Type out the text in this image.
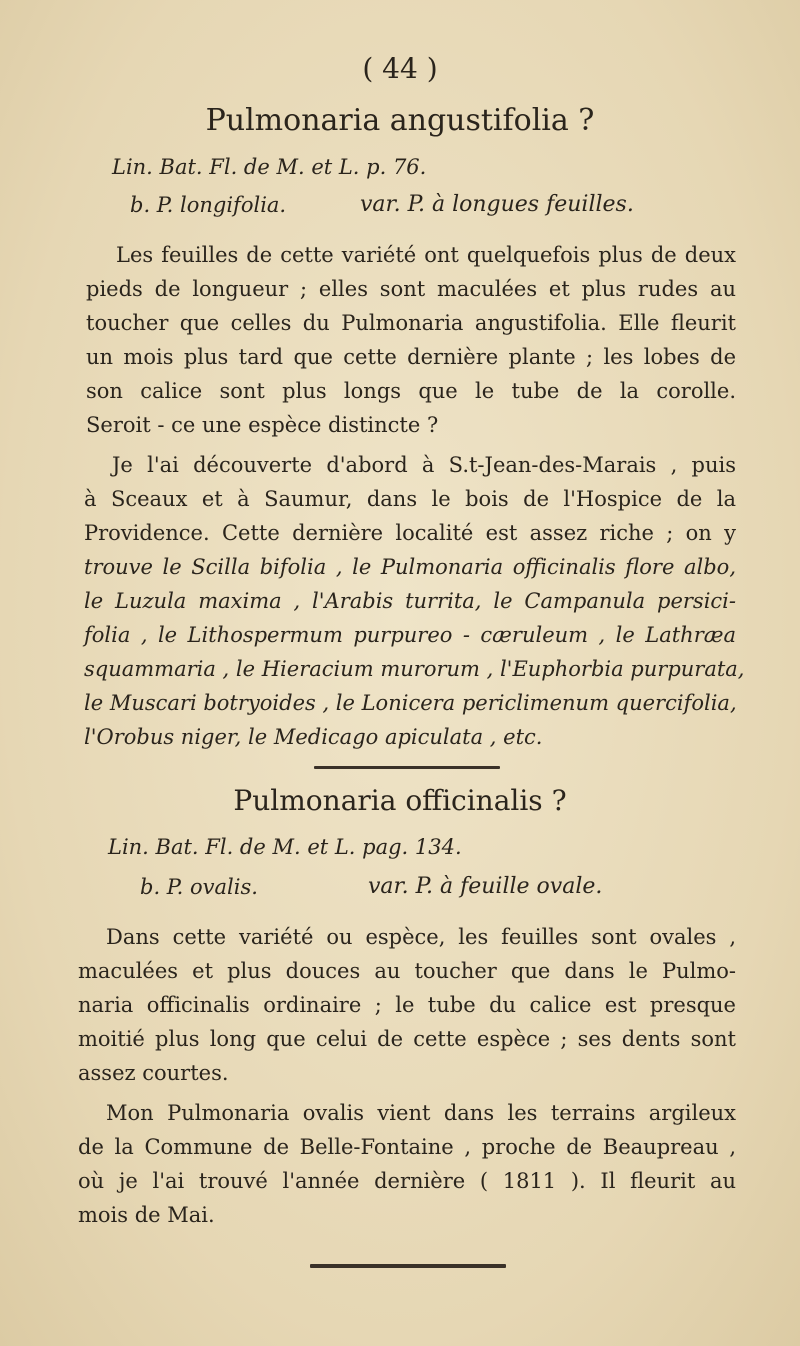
( 44 )
Pulmonaria angustifolia ?
Lin. Bat. Fl. de M. et L. p. 76.
b. P. longifolia.	var. P. à longues feuilles.
Les feuilles de cette variété ont quelquefois plus de deux
pieds de longueur ; elles sont maculées et plus rudes au
toucher que celles du Pulmonaria angustifolia. Elle fleurit
un mois plus tard que cette dernière plante ; les lobes de
son calice sont plus longs que le tube de la corolle.
Seroit - ce une espèce distincte ?
Je l'ai découverte d'abord à S.t-Jean-des-Marais , puis
à Sceaux et à Saumur, dans le bois de l'Hospice de la
Providence. Cette dernière localité est assez riche ; on y
trouve le Scilla bifolia , le Pulmonaria officinalis flore albo,
le Luzula maxima , l'Arabis turrita, le Campanula persici-
folia , le Lithospermum purpureo - cæruleum , le Lathræa
squammaria , le Hieracium murorum , l'Euphorbia purpurata,
le Muscari botryoides , le Lonicera periclimenum quercifolia,
l'Orobus niger, le Medicago apiculata , etc.
Pulmonaria officinalis ?
Lin. Bat. Fl. de M. et L. pag. 134.
b. P. ovalis.	var. P. à feuille ovale.
Dans cette variété ou espèce, les feuilles sont ovales ,
maculées et plus douces au toucher que dans le Pulmo-
naria officinalis ordinaire ; le tube du calice est presque
moitié plus long que celui de cette espèce ; ses dents sont
assez courtes.
Mon Pulmonaria ovalis vient dans les terrains argileux
de la Commune de Belle-Fontaine , proche de Beaupreau ,
où je l'ai trouvé l'année dernière ( 1811 ). Il fleurit au
mois de Mai.
